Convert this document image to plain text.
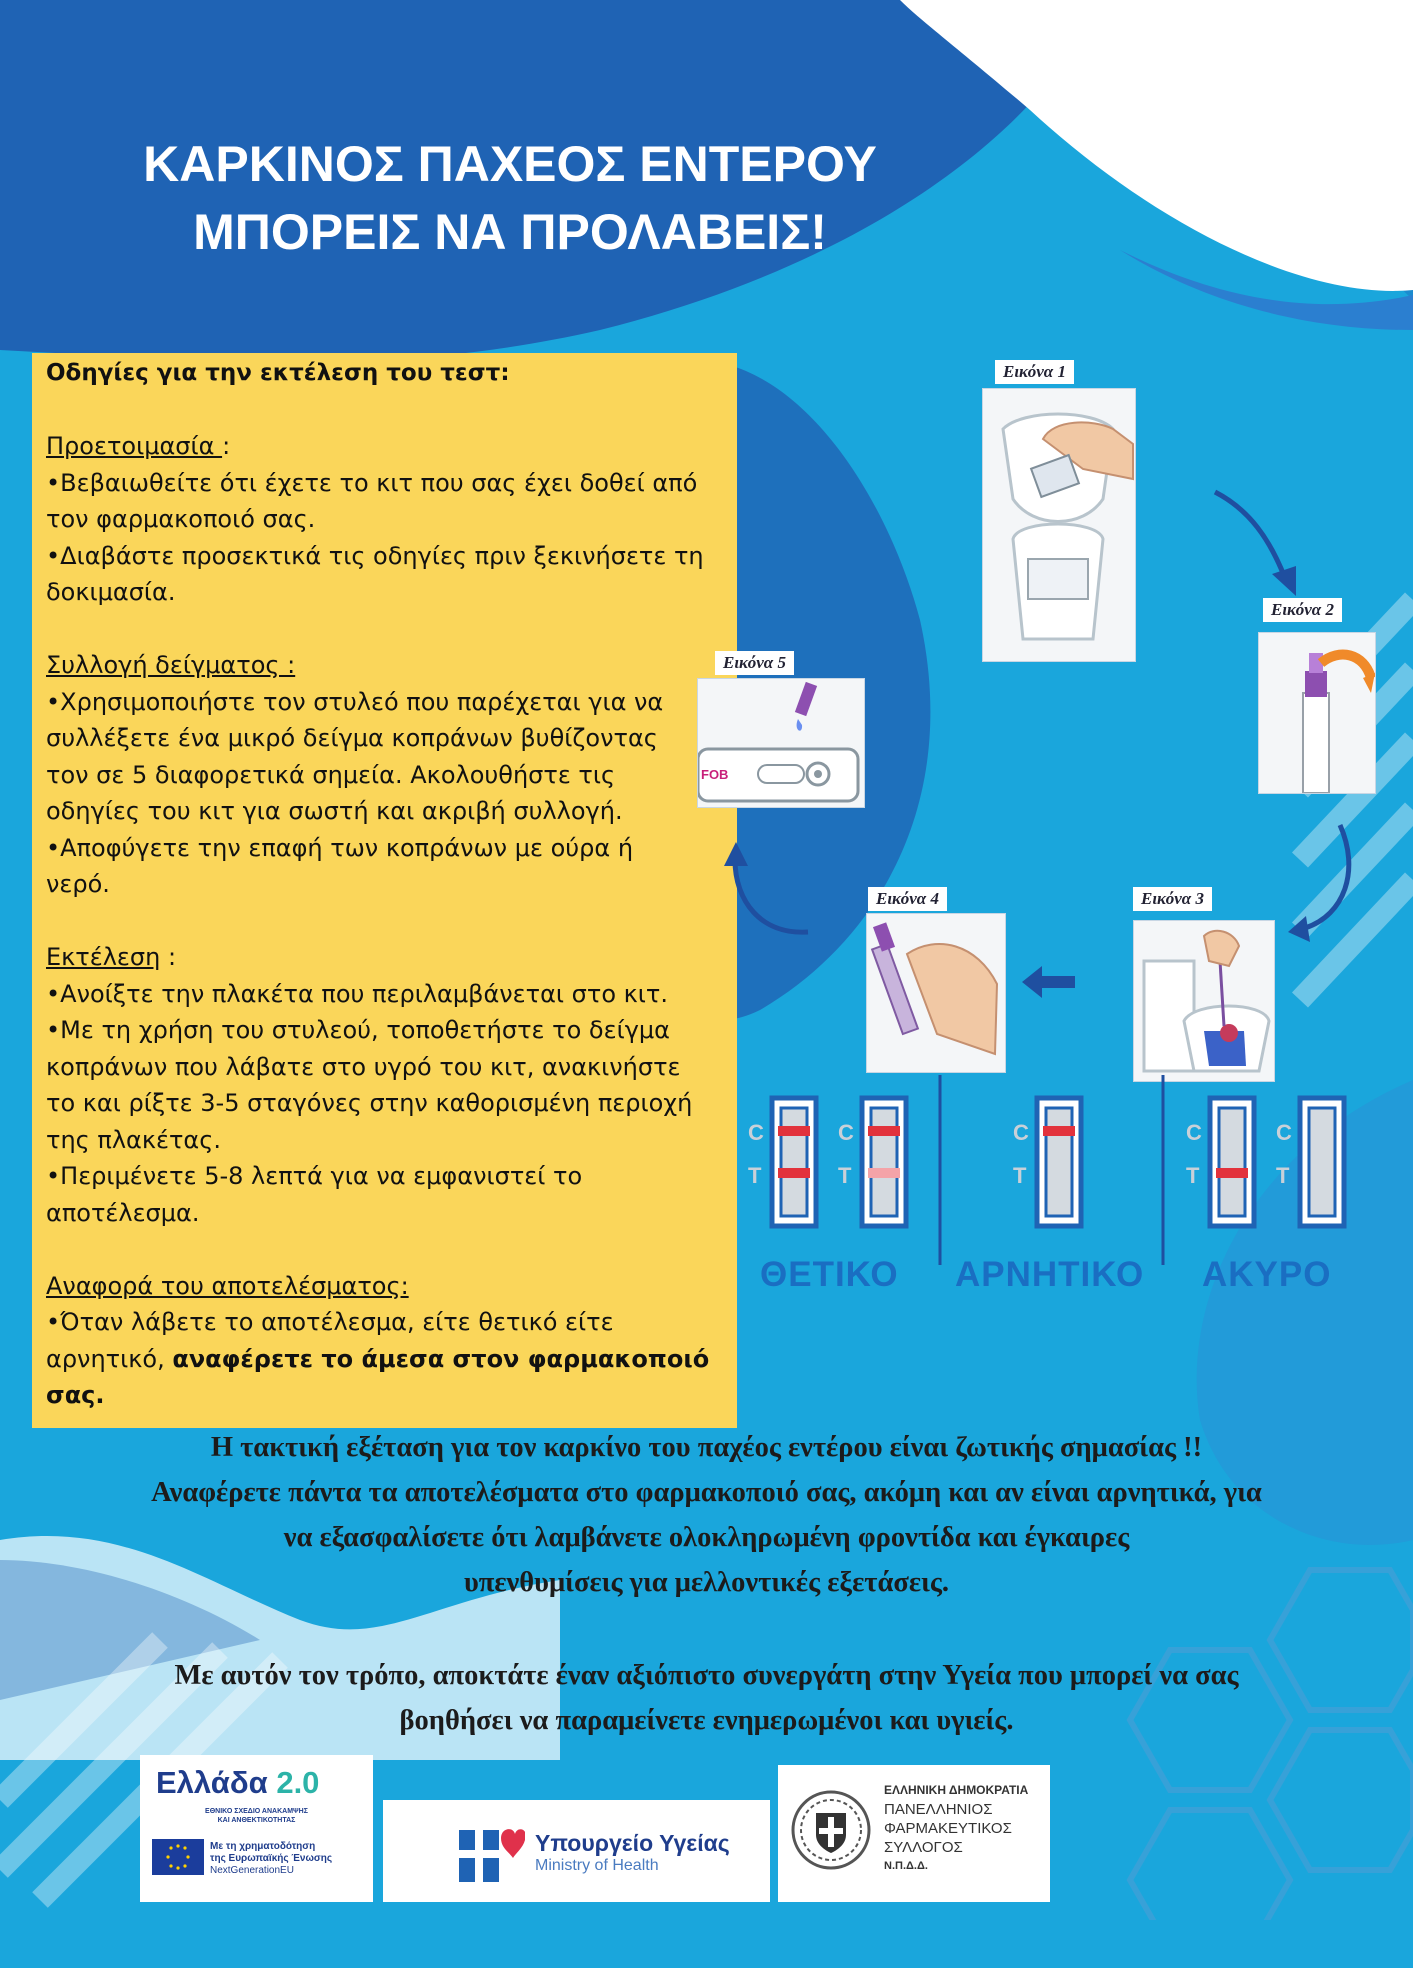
ΚΑΡΚΙΝΟΣ ΠΑΧΕΟΣ ΕΝΤΕΡΟΥ
ΜΠΟΡΕΙΣ ΝΑ ΠΡΟΛΑΒΕΙΣ!

Οδηγίες για την εκτέλεση του τεστ:

Προετοιμασία :

•Βεβαιωθείτε ότι έχετε το κιτ που σας έχει δοθεί από

τον φαρμακοποιό σας.

•Διαβάστε προσεκτικά τις οδηγίες πριν ξεκινήσετε τη

δοκιμασία.

Συλλογή δείγματος :

•Χρησιμοποιήστε τον στυλεό που παρέχεται για να

συλλέξετε ένα μικρό δείγμα κοπράνων βυθίζοντας

τον σε 5 διαφορετικά σημεία. Ακολουθήστε τις

οδηγίες του κιτ για σωστή και ακριβή συλλογή.

•Αποφύγετε την επαφή των κοπράνων με ούρα ή

νερό.

Εκτέλεση :

•Ανοίξτε την πλακέτα που περιλαμβάνεται στο κιτ.

•Με τη χρήση του στυλεού, τοποθετήστε το δείγμα

κοπράνων που λάβατε στο υγρό του κιτ, ανακινήστε

το και ρίξτε 3-5 σταγόνες στην καθορισμένη περιοχή

της πλακέτας.

•Περιμένετε 5-8 λεπτά για να εμφανιστεί το

αποτέλεσμα.

Αναφορά του αποτελέσματος:

•Όταν λάβετε το αποτέλεσμα, είτε θετικό είτε

αρνητικό, αναφέρετε το άμεσα στον φαρμακοποιό

σας.

Εικόνα 1
Εικόνα 2
Εικόνα 3
Εικόνα 4
Εικόνα 5
FOB
C
T
C
T
C
T
C
T
C
T
ΘΕΤΙΚΟ ΑΡΝΗΤΙΚΟ ΑΚΥΡΟ

Η τακτική εξέταση για τον καρκίνο του παχέος εντέρου είναι ζωτικής σημασίας !!

Αναφέρετε πάντα τα αποτελέσματα στο φαρμακοποιό σας, ακόμη και αν είναι αρνητικά, για

να εξασφαλίσετε ότι λαμβάνετε ολοκληρωμένη φροντίδα και έγκαιρες

υπενθυμίσεις για μελλοντικές εξετάσεις.

Με αυτόν τον τρόπο, αποκτάτε έναν αξιόπιστο συνεργάτη στην Υγεία που μπορεί να σας

βοηθήσει να παραμείνετε ενημερωμένοι και υγιείς.

Ελλάδα 2.0
ΕΘΝΙΚΟ ΣΧΕΔΙΟ ΑΝΑΚΑΜΨΗΣ
ΚΑΙ ΑΝΘΕΚΤΙΚΟΤΗΤΑΣ
Με τη χρηματοδότηση
της Ευρωπαϊκής Ένωσης
NextGenerationEU
Υπουργείο Υγείας
Ministry of Health
ΕΛΛΗΝΙΚΗ ΔΗΜΟΚΡΑΤΙΑ
ΠΑΝΕΛΛΗΝΙΟΣ
ΦΑΡΜΑΚΕΥΤΙΚΟΣ
ΣΥΛΛΟΓΟΣ
Ν.Π.Δ.Δ.
